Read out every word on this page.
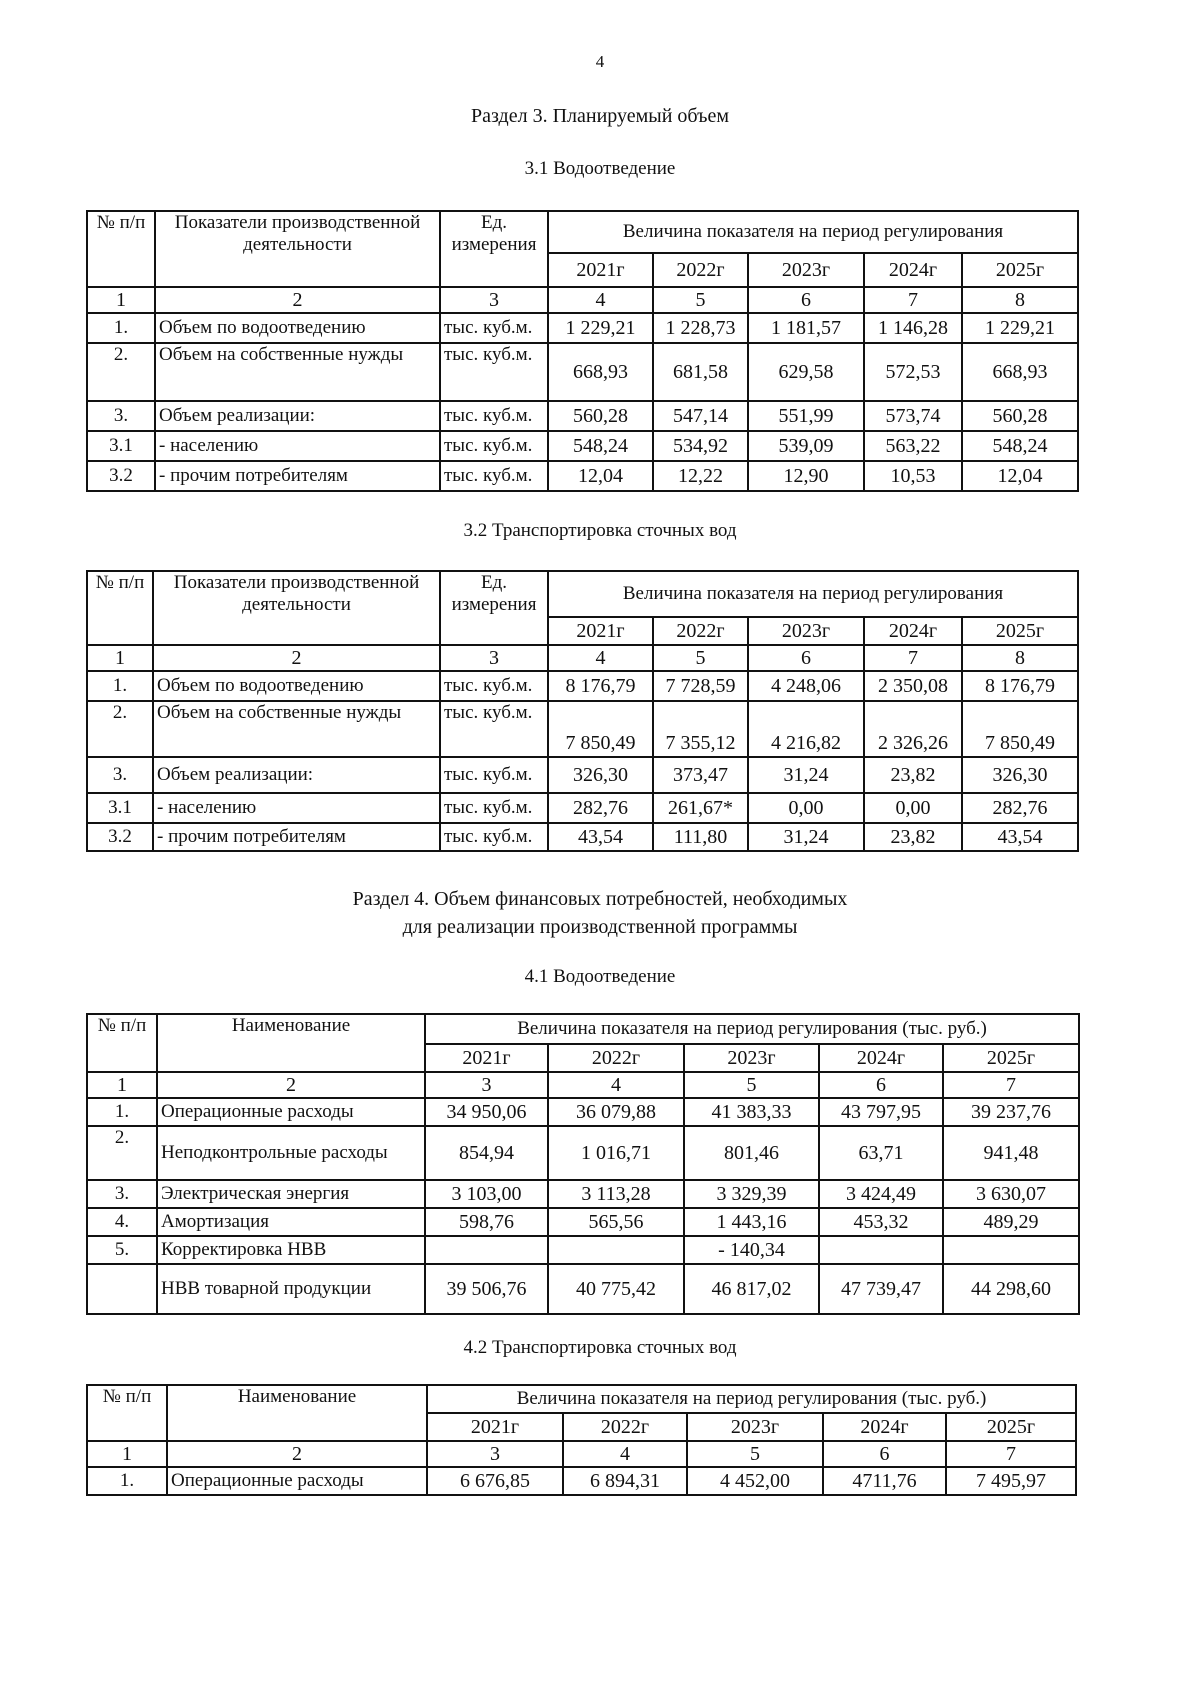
4
Раздел 3. Планируемый объем
3.1 Водоотведение
№ п/п	Показатели производственной деятельности	Ед. измерения	Величина показателя на период регулирования				
			2021г	2022г	2023г	2024г	2025г
1	2	3	4	5	6	7	8
1.	Объем по водоотведению	тыс. куб.м.	1 229,21	1 228,73	1 181,57	1 146,28	1 229,21
2.	Объем на собственные нужды	тыс. куб.м.	668,93	681,58	629,58	572,53	668,93
3.	Объем реализации:	тыс. куб.м.	560,28	547,14	551,99	573,74	560,28
3.1	- населению	тыс. куб.м.	548,24	534,92	539,09	563,22	548,24
3.2	- прочим потребителям	тыс. куб.м.	12,04	12,22	12,90	10,53	12,04
3.2 Транспортировка сточных вод
№ п/п	Показатели производственной деятельности	Ед. измерения	Величина показателя на период регулирования				
			2021г	2022г	2023г	2024г	2025г
1	2	3	4	5	6	7	8
1.	Объем по водоотведению	тыс. куб.м.	8 176,79	7 728,59	4 248,06	2 350,08	8 176,79
2.	Объем на собственные нужды	тыс. куб.м.	7 850,49	7 355,12	4 216,82	2 326,26	7 850,49
3.	Объем реализации:	тыс. куб.м.	326,30	373,47	31,24	23,82	326,30
3.1	- населению	тыс. куб.м.	282,76	261,67*	0,00	0,00	282,76
3.2	- прочим потребителям	тыс. куб.м.	43,54	111,80	31,24	23,82	43,54
Раздел 4. Объем финансовых потребностей, необходимых
для реализации производственной программы
4.1 Водоотведение
№ п/п	Наименование	Величина показателя на период регулирования (тыс. руб.)				
		2021г	2022г	2023г	2024г	2025г
1	2	3	4	5	6	7
1.	Операционные расходы	34 950,06	36 079,88	41 383,33	43 797,95	39 237,76
2.	Неподконтрольные расходы	854,94	1 016,71	801,46	63,71	941,48
3.	Электрическая энергия	3 103,00	3 113,28	3 329,39	3 424,49	3 630,07
4.	Амортизация	598,76	565,56	1 443,16	453,32	489,29
5.	Корректировка НВВ			- 140,34		
	НВВ товарной продукции	39 506,76	40 775,42	46 817,02	47 739,47	44 298,60
4.2 Транспортировка сточных вод
№ п/п	Наименование	Величина показателя на период регулирования (тыс. руб.)				
		2021г	2022г	2023г	2024г	2025г
1	2	3	4	5	6	7
1.	Операционные расходы	6 676,85	6 894,31	4 452,00	4711,76	7 495,97
